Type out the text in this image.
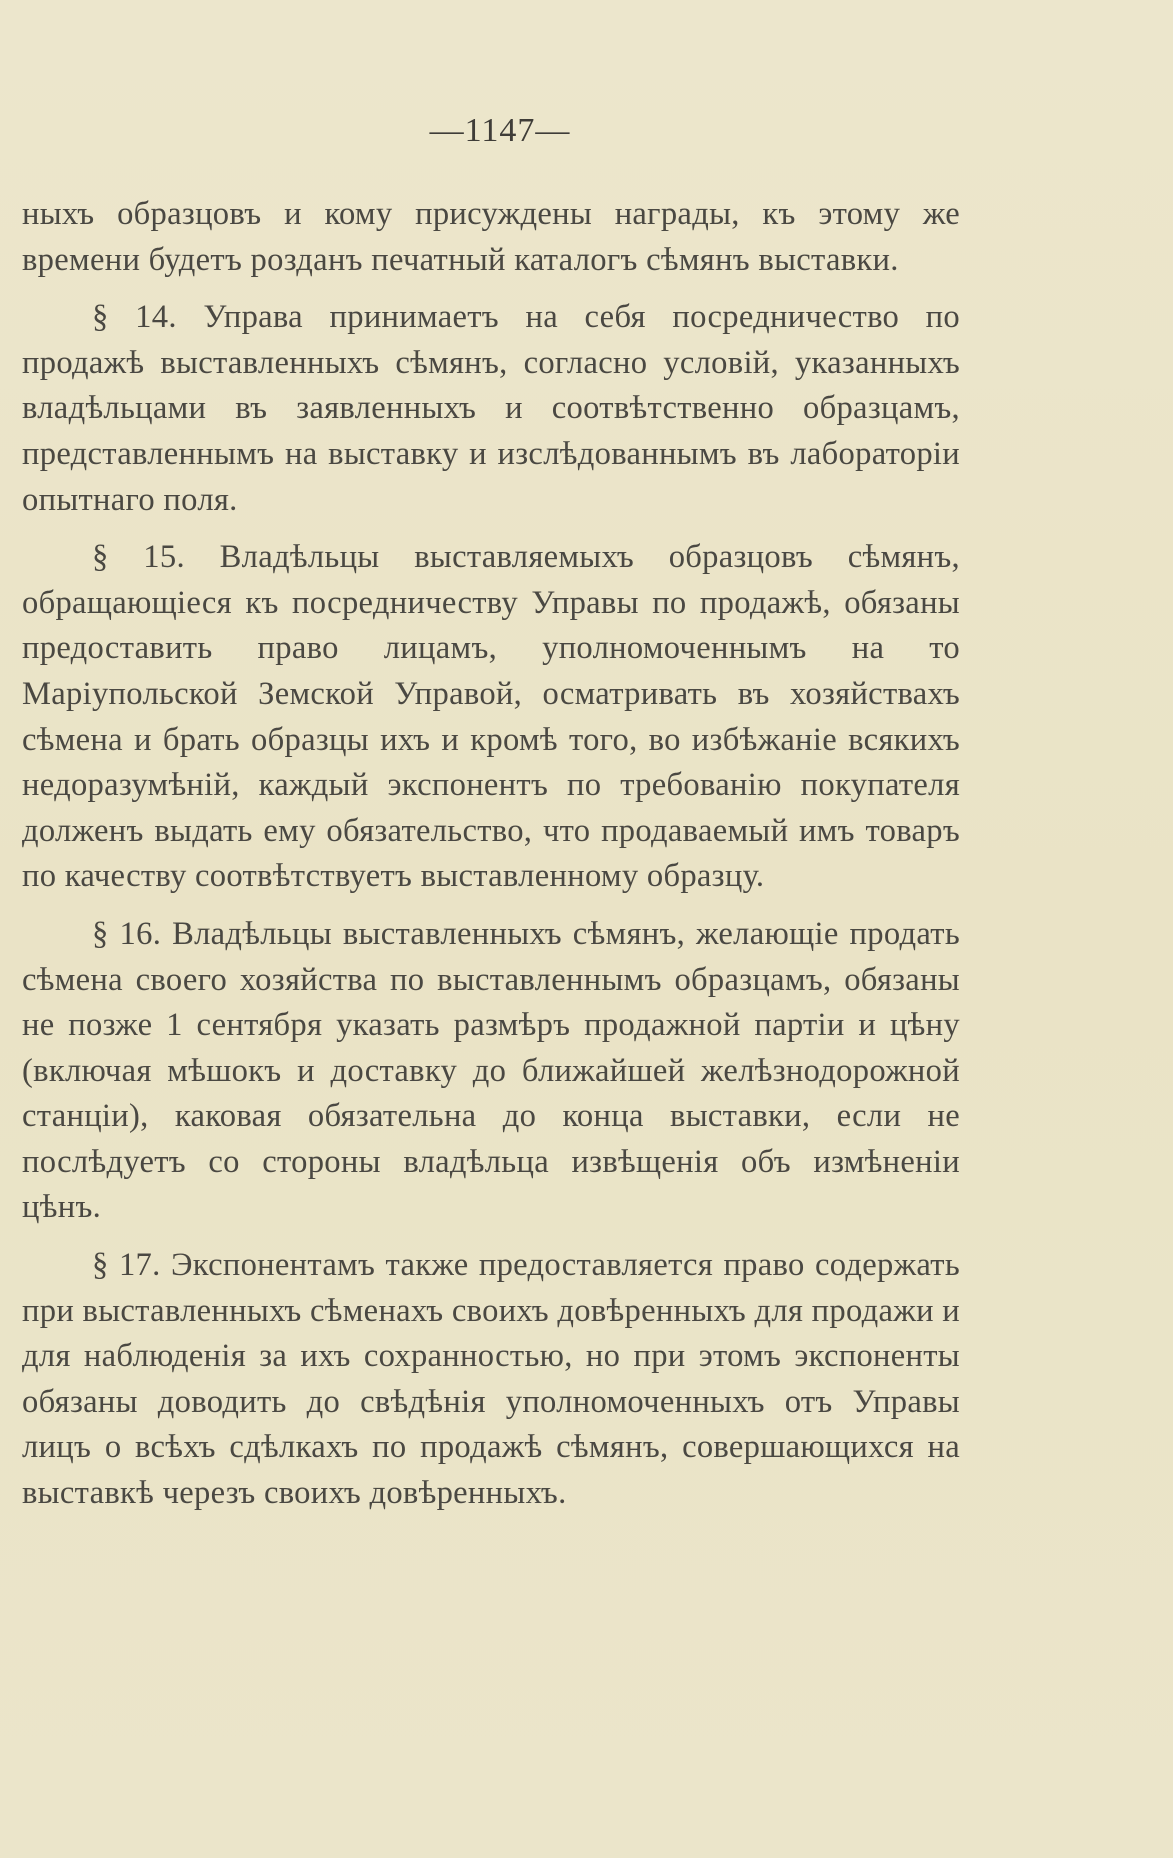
—1147—

ныхъ образцовъ и кому присуждены награды, къ этому же времени будетъ розданъ печатный каталогъ сѣмянъ выставки.

§ 14. Управа принимаетъ на себя посредничество по продажѣ выставленныхъ сѣмянъ, согласно условій, указанныхъ владѣльцами въ заявленныхъ и соотвѣтственно образцамъ, представленнымъ на выставку и изслѣдованнымъ въ лабораторіи опытнаго поля.

§ 15. Владѣльцы выставляемыхъ образцовъ сѣмянъ, обращающіеся къ посредничеству Управы по продажѣ, обязаны предоставить право лицамъ, уполномоченнымъ на то Маріупольской Земской Управой, осматривать въ хозяйствахъ сѣмена и брать образцы ихъ и кромѣ того, во избѣжаніе всякихъ недоразумѣній, каждый экспонентъ по требованію покупателя долженъ выдать ему обязательство, что продаваемый имъ товаръ по качеству соотвѣтствуетъ выставленному образцу.

§ 16. Владѣльцы выставленныхъ сѣмянъ, желающіе продать сѣмена своего хозяйства по выставленнымъ образцамъ, обязаны не позже 1 сентября указать размѣръ продажной партіи и цѣну (включая мѣшокъ и доставку до ближайшей желѣзнодорожной станціи), каковая обязательна до конца выставки, если не послѣдуетъ со стороны владѣльца извѣщенія объ измѣненіи цѣнъ.

§ 17. Экспонентамъ также предоставляется право содержать при выставленныхъ сѣменахъ своихъ довѣренныхъ для продажи и для наблюденія за ихъ сохранностью, но при этомъ экспоненты обязаны доводить до свѣдѣнія уполномоченныхъ отъ Управы лицъ о всѣхъ сдѣлкахъ по продажѣ сѣмянъ, совершающихся на выставкѣ черезъ своихъ довѣренныхъ.
